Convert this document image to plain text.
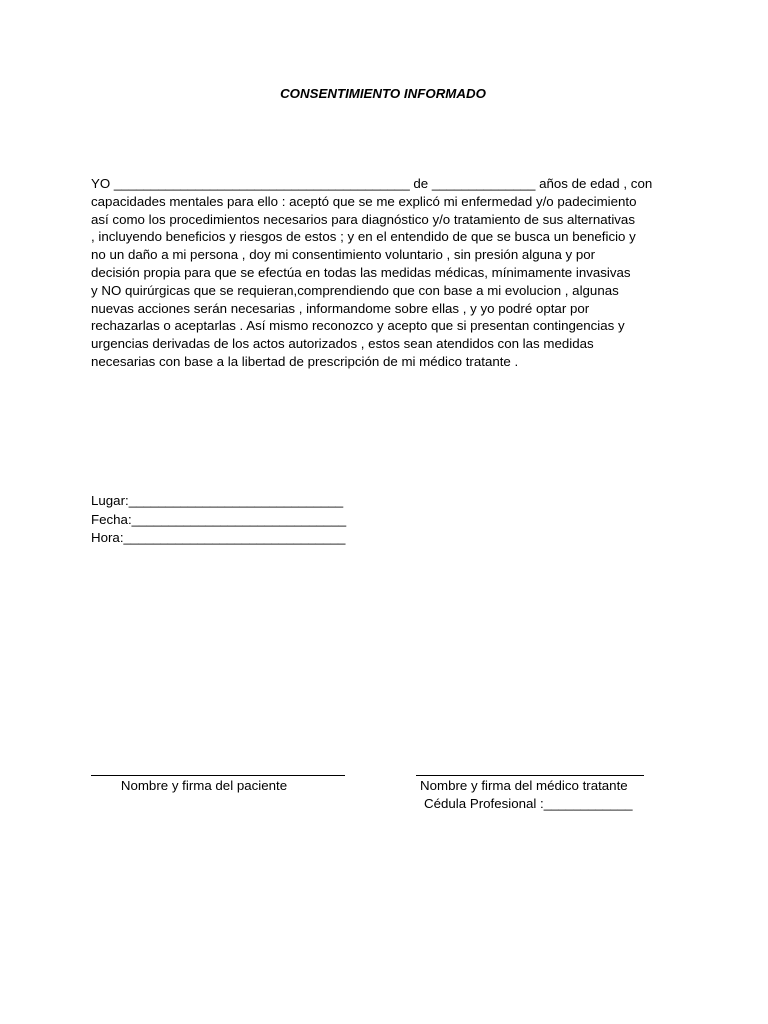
CONSENTIMIENTO INFORMADO
YO ________________________________________ de ______________ años de edad , con
capacidades mentales para ello : aceptó que se me explicó mi enfermedad y/o padecimiento
así como los procedimientos necesarios para diagnóstico y/o tratamiento de sus alternativas
, incluyendo beneficios y riesgos de estos ; y en el entendido de que se busca un beneficio y
no un daño a mi persona , doy mi consentimiento voluntario , sin presión alguna y por
decisión propia para que se efectúa en todas las medidas médicas, mínimamente invasivas
y NO quirúrgicas que se requieran,comprendiendo que con base a mi evolucion , algunas
nuevas acciones serán necesarias , informandome sobre ellas , y yo podré optar por
rechazarlas o aceptarlas . Así mismo reconozco y acepto que si presentan contingencias y
urgencias derivadas de los actos autorizados , estos sean atendidos con las medidas
necesarias con base a la libertad de prescripción de mi médico tratante .
Lugar:_____________________________
Fecha:_____________________________
Hora:______________________________
Nombre y firma del paciente	Nombre y firma del médico tratante
Cédula Profesional :____________
